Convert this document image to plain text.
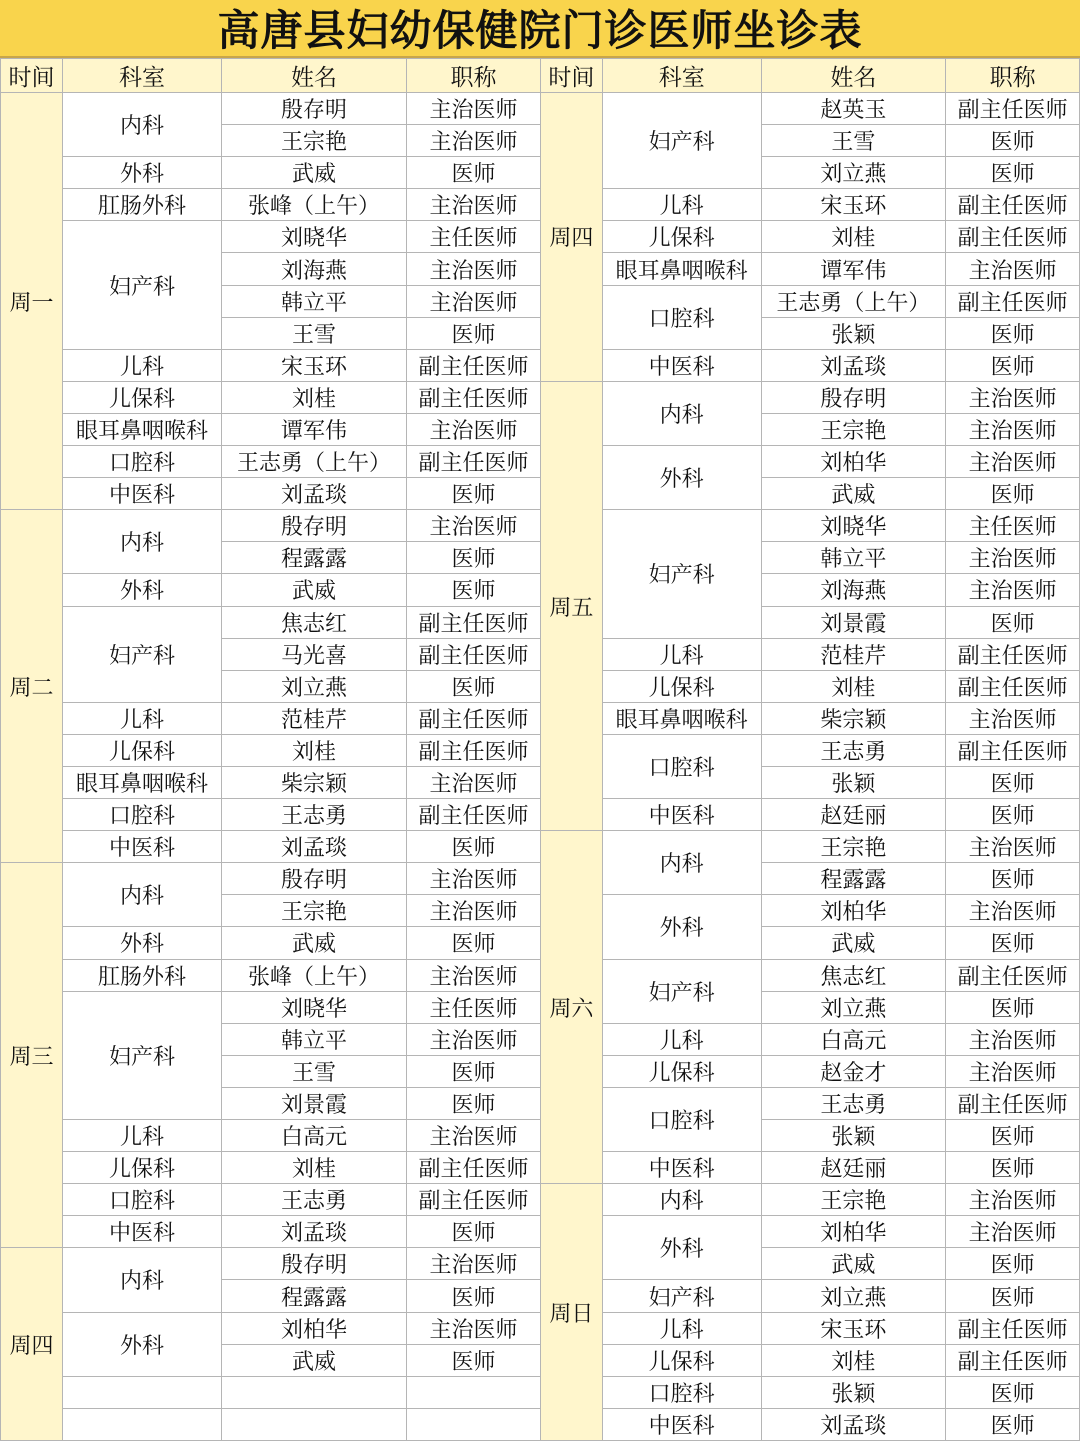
高唐县妇幼保健院门诊医师坐诊表
时间	科室	姓名	职称
周一	内科	殷存明	主治医师
		王宗艳	主治医师
	外科	武威	医师
	肛肠外科	张峰（上午）	主治医师
	妇产科	刘晓华	主任医师
		刘海燕	主治医师
		韩立平	主治医师
		王雪	医师
	儿科	宋玉环	副主任医师
	儿保科	刘桂	副主任医师
	眼耳鼻咽喉科	谭军伟	主治医师
	口腔科	王志勇（上午）	副主任医师
	中医科	刘孟琰	医师
周二	内科	殷存明	主治医师
		程露露	医师
	外科	武威	医师
	妇产科	焦志红	副主任医师
		马光喜	副主任医师
		刘立燕	医师
	儿科	范桂芹	副主任医师
	儿保科	刘桂	副主任医师
	眼耳鼻咽喉科	柴宗颖	主治医师
	口腔科	王志勇	副主任医师
	中医科	刘孟琰	医师
周三	内科	殷存明	主治医师
		王宗艳	主治医师
	外科	武威	医师
	肛肠外科	张峰（上午）	主治医师
	妇产科	刘晓华	主任医师
		韩立平	主治医师
		王雪	医师
		刘景霞	医师
	儿科	白高元	主治医师
	儿保科	刘桂	副主任医师
	口腔科	王志勇	副主任医师
	中医科	刘孟琰	医师
周四	内科	殷存明	主治医师
		程露露	医师
	外科	刘柏华	主治医师
		武威	医师

时间	科室	姓名	职称
周四	妇产科	赵英玉	副主任医师
		王雪	医师
		刘立燕	医师
	儿科	宋玉环	副主任医师
	儿保科	刘桂	副主任医师
	眼耳鼻咽喉科	谭军伟	主治医师
	口腔科	王志勇（上午）	副主任医师
		张颖	医师
	中医科	刘孟琰	医师
周五	内科	殷存明	主治医师
		王宗艳	主治医师
	外科	刘柏华	主治医师
		武威	医师
	妇产科	刘晓华	主任医师
		韩立平	主治医师
		刘海燕	主治医师
		刘景霞	医师
	儿科	范桂芹	副主任医师
	儿保科	刘桂	副主任医师
	眼耳鼻咽喉科	柴宗颖	主治医师
	口腔科	王志勇	副主任医师
		张颖	医师
	中医科	赵廷丽	医师
周六	内科	王宗艳	主治医师
		程露露	医师
	外科	刘柏华	主治医师
		武威	医师
	妇产科	焦志红	副主任医师
		刘立燕	医师
	儿科	白高元	主治医师
	儿保科	赵金才	主治医师
	口腔科	王志勇	副主任医师
		张颖	医师
	中医科	赵廷丽	医师
周日	内科	王宗艳	主治医师
	外科	刘柏华	主治医师
		武威	医师
	妇产科	刘立燕	医师
	儿科	宋玉环	副主任医师
	儿保科	刘桂	副主任医师
	口腔科	张颖	医师
	中医科	刘孟琰	医师
